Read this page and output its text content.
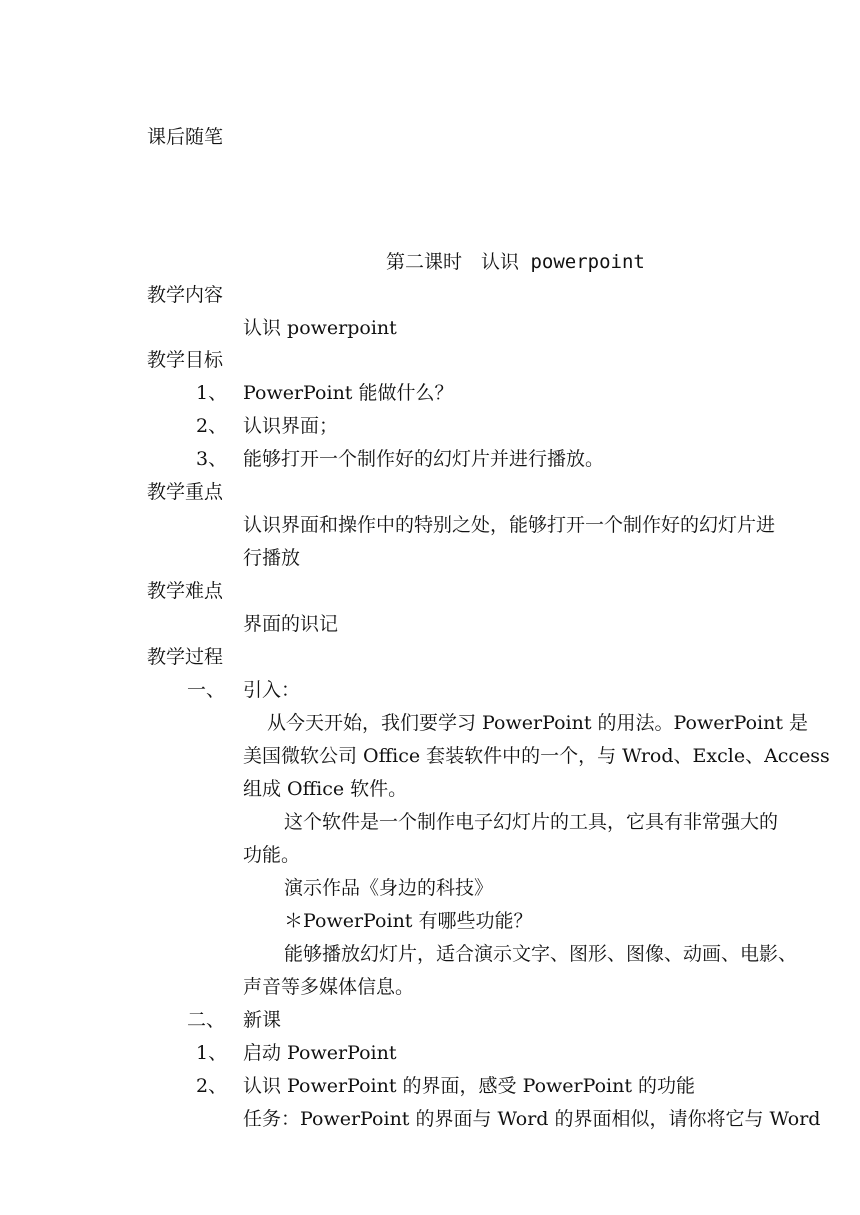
课后随笔
第二课时　认识 powerpoint
教学内容
认识 powerpoint
教学目标
1、 PowerPoint 能做什么？
2、 认识界面；
3、 能够打开一个制作好的幻灯片并进行播放。
教学重点
认识界面和操作中的特别之处，能够打开一个制作好的幻灯片进
行播放
教学难点
界面的识记
教学过程
一、 引入：
从今天开始，我们要学习 PowerPoint 的用法。PowerPoint 是
美国微软公司 Office 套装软件中的一个，与 Wrod、Excle、Access
组成 Office 软件。
这个软件是一个制作电子幻灯片的工具，它具有非常强大的
功能。
演示作品《身边的科技》
＊PowerPoint 有哪些功能？
能够播放幻灯片，适合演示文字、图形、图像、动画、电影、
声音等多媒体信息。
二、 新课
1、 启动 PowerPoint
2、 认识 PowerPoint 的界面，感受 PowerPoint 的功能
任务：PowerPoint 的界面与 Word 的界面相似，请你将它与 Word
